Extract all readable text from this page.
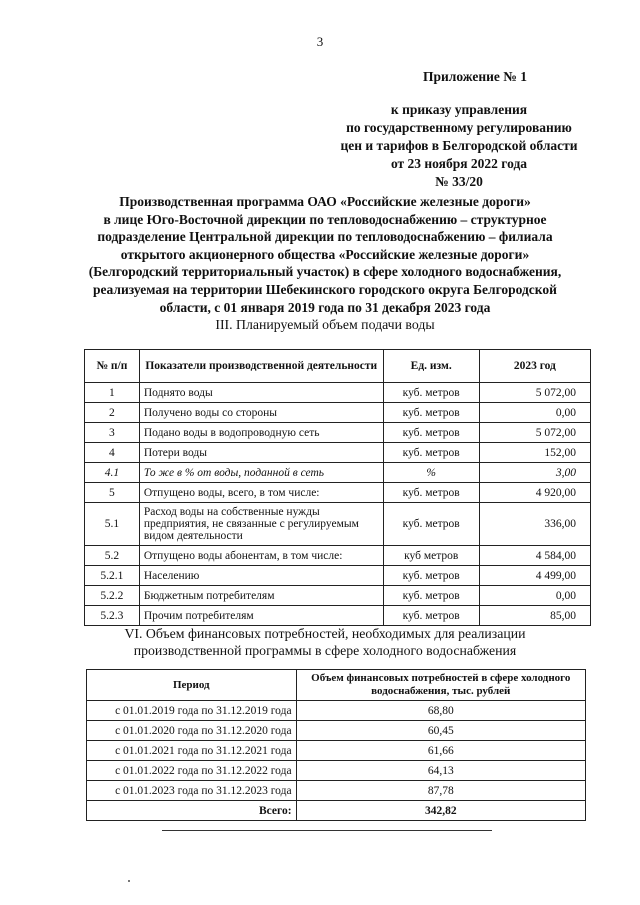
3
Приложение № 1
к приказу управления
по государственному регулированию
цен и тарифов в Белгородской области
от 23 ноября 2022 года
№ 33/20
Производственная программа ОАО «Российские железные дороги»
в лице Юго-Восточной дирекции по тепловодоснабжению – структурное
подразделение Центральной дирекции по тепловодоснабжению – филиала
открытого акционерного общества «Российские железные дороги»
(Белгородский территориальный участок) в сфере холодного водоснабжения,
реализуемая на территории Шебекинского городского округа Белгородской
области, с 01 января 2019 года по 31 декабря 2023 года
III. Планируемый объем подачи воды
№ п/п	Показатели производственной деятельности	Ед. изм.	2023 год
1	Поднято воды	куб. метров	5 072,00
2	Получено воды со стороны	куб. метров	0,00
3	Подано воды в водопроводную сеть	куб. метров	5 072,00
4	Потери воды	куб. метров	152,00
4.1	То же в % от воды, поданной в сеть	%	3,00
5	Отпущено воды, всего, в том числе:	куб. метров	4 920,00
5.1	Расход воды на собственные нужды предприятия, не связанные с регулируемым видом деятельности	куб. метров	336,00
5.2	Отпущено воды абонентам, в том числе:	куб метров	4 584,00
5.2.1	Населению	куб. метров	4 499,00
5.2.2	Бюджетным потребителям	куб. метров	0,00
5.2.3	Прочим потребителям	куб. метров	85,00
VI. Объем финансовых потребностей, необходимых для реализации
производственной программы в сфере холодного водоснабжения
Период	Объем финансовых потребностей в сфере холодного водоснабжения, тыс. рублей
с 01.01.2019 года по 31.12.2019 года	68,80
с 01.01.2020 года по 31.12.2020 года	60,45
с 01.01.2021 года по 31.12.2021 года	61,66
с 01.01.2022 года по 31.12.2022 года	64,13
с 01.01.2023 года по 31.12.2023 года	87,78
Всего:	342,82
